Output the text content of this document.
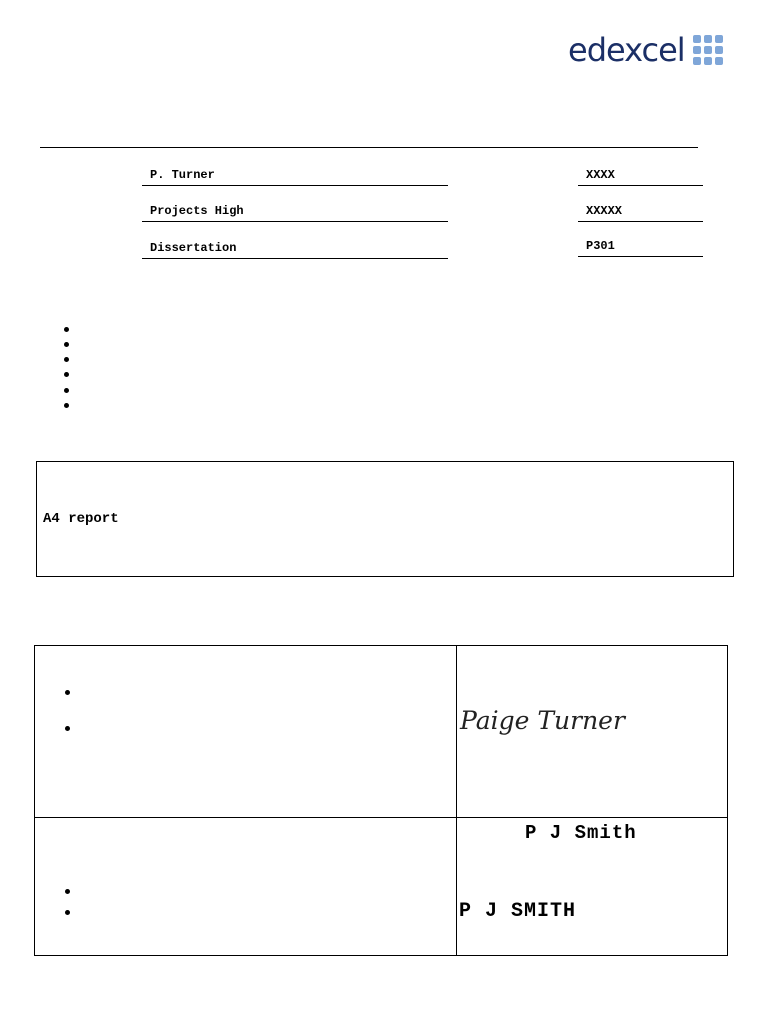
edexcel
P. Turner	XXXX
Projects High	XXXXX
Dissertation	P301
A4 report
Paige Turner
P J Smith
P J SMITH
